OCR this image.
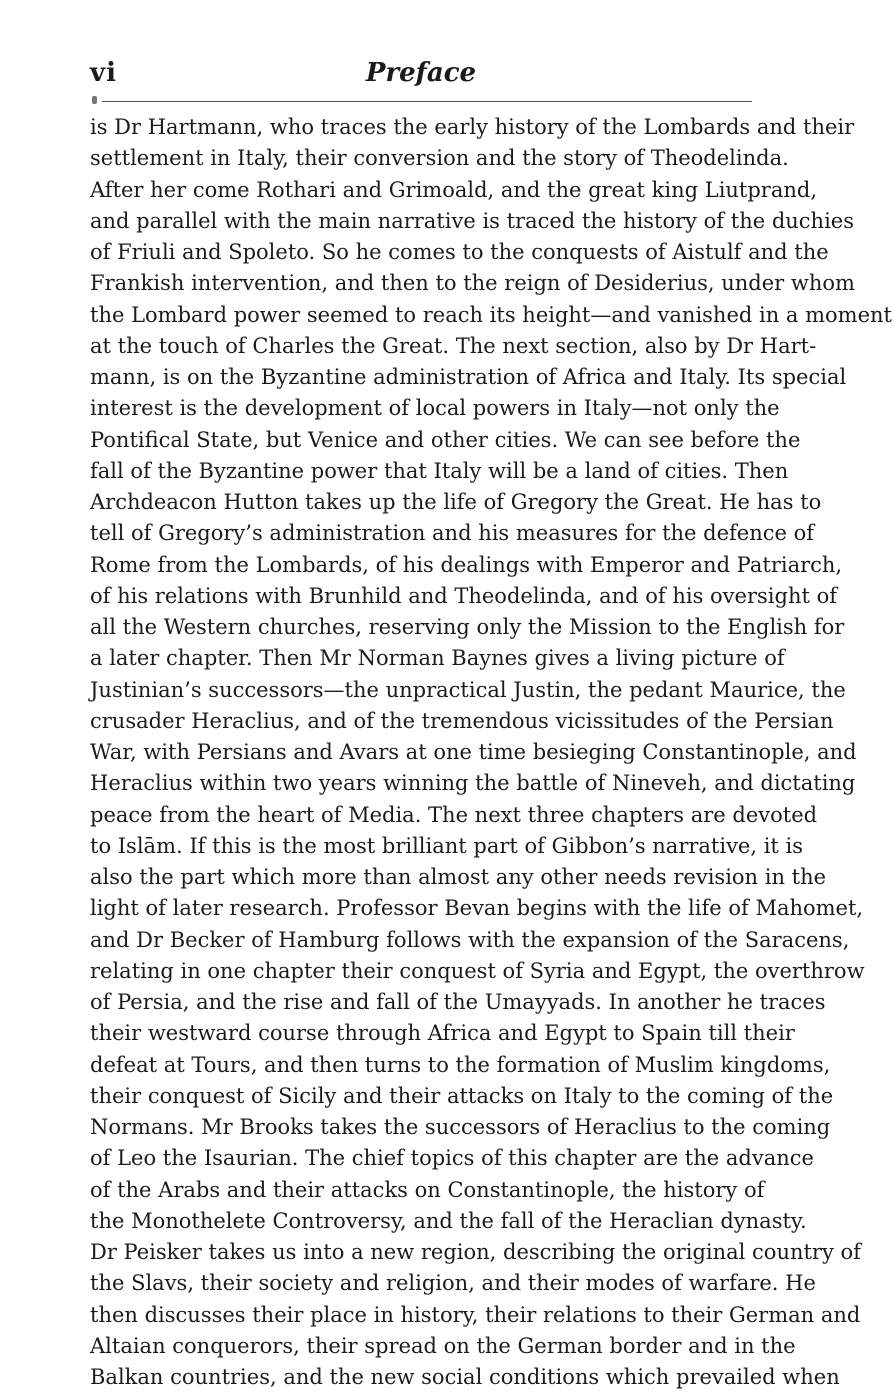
vi	Preface
is Dr Hartmann, who traces the early history of the Lombards and their
settlement in Italy, their conversion and the story of Theodelinda.
After her come Rothari and Grimoald, and the great king Liutprand,
and parallel with the main narrative is traced the history of the duchies
of Friuli and Spoleto. So he comes to the conquests of Aistulf and the
Frankish intervention, and then to the reign of Desiderius, under whom
the Lombard power seemed to reach its height—and vanished in a moment
at the touch of Charles the Great. The next section, also by Dr Hart-
mann, is on the Byzantine administration of Africa and Italy. Its special
interest is the development of local powers in Italy—not only the
Pontifical State, but Venice and other cities. We can see before the
fall of the Byzantine power that Italy will be a land of cities. Then
Archdeacon Hutton takes up the life of Gregory the Great. He has to
tell of Gregory’s administration and his measures for the defence of
Rome from the Lombards, of his dealings with Emperor and Patriarch,
of his relations with Brunhild and Theodelinda, and of his oversight of
all the Western churches, reserving only the Mission to the English for
a later chapter. Then Mr Norman Baynes gives a living picture of
Justinian’s successors—the unpractical Justin, the pedant Maurice, the
crusader Heraclius, and of the tremendous vicissitudes of the Persian
War, with Persians and Avars at one time besieging Constantinople, and
Heraclius within two years winning the battle of Nineveh, and dictating
peace from the heart of Media. The next three chapters are devoted
to Islām. If this is the most brilliant part of Gibbon’s narrative, it is
also the part which more than almost any other needs revision in the
light of later research. Professor Bevan begins with the life of Mahomet,
and Dr Becker of Hamburg follows with the expansion of the Saracens,
relating in one chapter their conquest of Syria and Egypt, the overthrow
of Persia, and the rise and fall of the Umayyads. In another he traces
their westward course through Africa and Egypt to Spain till their
defeat at Tours, and then turns to the formation of Muslim kingdoms,
their conquest of Sicily and their attacks on Italy to the coming of the
Normans. Mr Brooks takes the successors of Heraclius to the coming
of Leo the Isaurian. The chief topics of this chapter are the advance
of the Arabs and their attacks on Constantinople, the history of
the Monothelete Controversy, and the fall of the Heraclian dynasty.
Dr Peisker takes us into a new region, describing the original country of
the Slavs, their society and religion, and their modes of warfare. He
then discusses their place in history, their relations to their German and
Altaian conquerors, their spread on the German border and in the
Balkan countries, and the new social conditions which prevailed when
